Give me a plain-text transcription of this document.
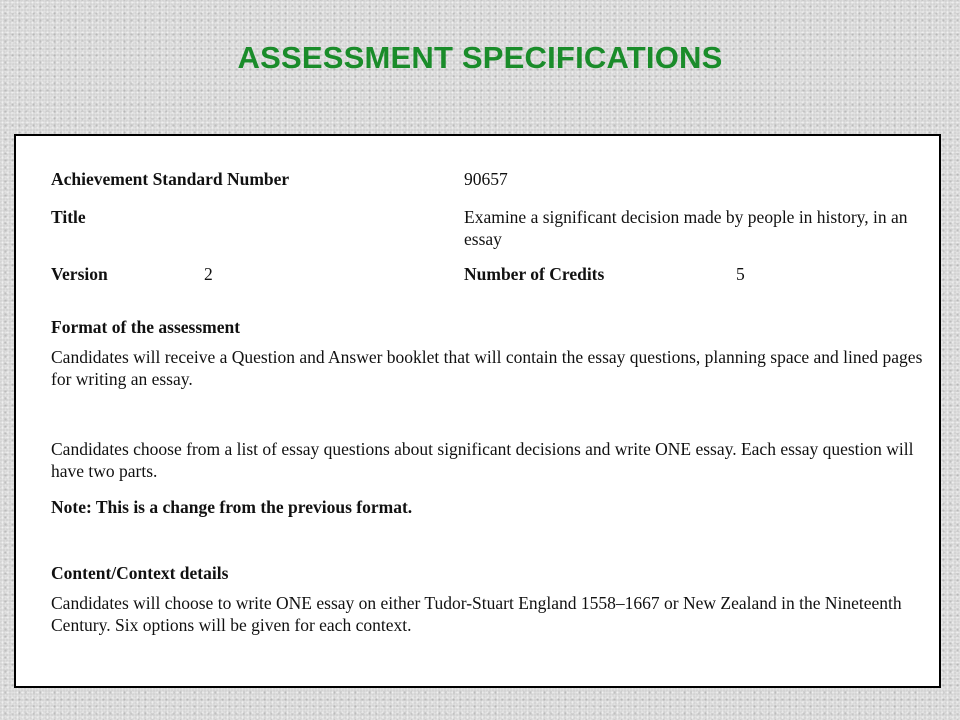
ASSESSMENT SPECIFICATIONS
Achievement Standard Number	90657
Title	Examine a significant decision made by people in history, in an essay
Version	2	Number of Credits	5
Format of the assessment
Candidates will receive a Question and Answer booklet that will contain the essay questions, planning space and lined pages for writing an essay.
Candidates choose from a list of essay questions about significant decisions and write ONE essay. Each essay question will have two parts.
Note: This is a change from the previous format.
Content/Context details
Candidates will choose to write ONE essay on either Tudor-Stuart England 1558–1667 or New Zealand in the Nineteenth Century. Six options will be given for each context.
